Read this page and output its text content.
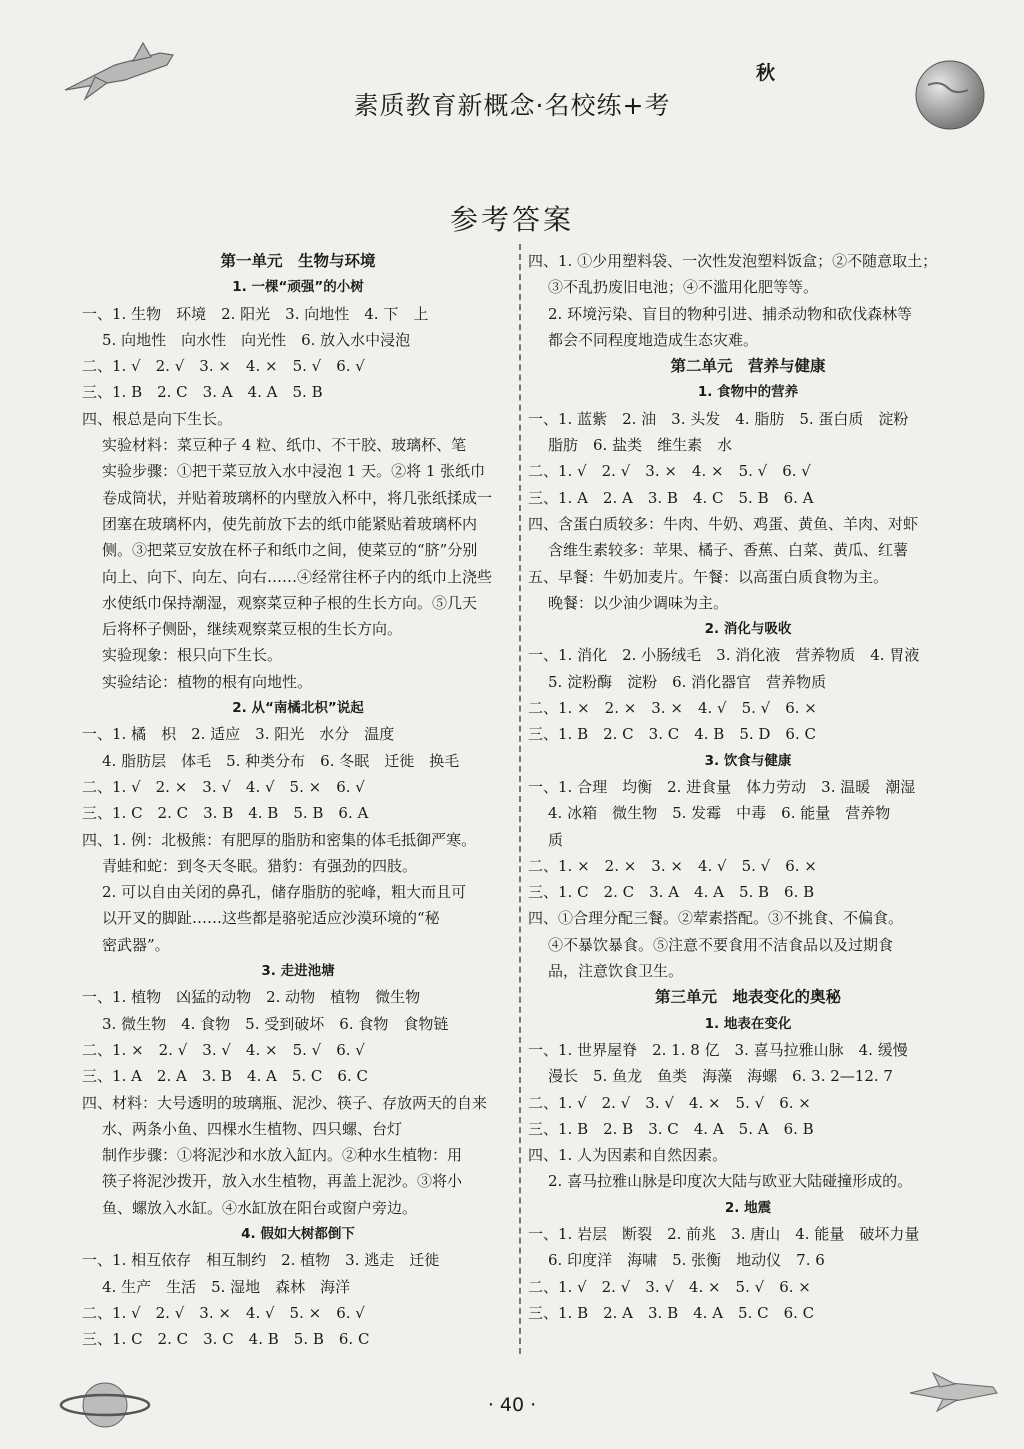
秋
素质教育新概念·名校练+考
参考答案
第一单元　生物与环境
1. 一棵“顽强”的小树
一、1. 生物　环境　2. 阳光　3. 向地性　4. 下　上
5. 向地性　向水性　向光性　6. 放入水中浸泡
二、1. √　2. √　3. ×　4. ×　5. √　6. √
三、1. B　2. C　3. A　4. A　5. B
四、根总是向下生长。
实验材料：菜豆种子 4 粒、纸巾、不干胶、玻璃杯、笔
实验步骤：①把干菜豆放入水中浸泡 1 天。②将 1 张纸巾
卷成筒状，并贴着玻璃杯的内壁放入杯中，将几张纸揉成一
团塞在玻璃杯内，使先前放下去的纸巾能紧贴着玻璃杯内
侧。③把菜豆安放在杯子和纸巾之间，使菜豆的“脐”分别
向上、向下、向左、向右……④经常往杯子内的纸巾上浇些
水使纸巾保持潮湿，观察菜豆种子根的生长方向。⑤几天
后将杯子侧卧，继续观察菜豆根的生长方向。
实验现象：根只向下生长。
实验结论：植物的根有向地性。
2. 从“南橘北枳”说起
一、1. 橘　枳　2. 适应　3. 阳光　水分　温度
4. 脂肪层　体毛　5. 种类分布　6. 冬眠　迁徙　换毛
二、1. √　2. ×　3. √　4. √　5. ×　6. √
三、1. C　2. C　3. B　4. B　5. B　6. A
四、1. 例：北极熊：有肥厚的脂肪和密集的体毛抵御严寒。
青蛙和蛇：到冬天冬眠。猎豹：有强劲的四肢。
2. 可以自由关闭的鼻孔，储存脂肪的驼峰，粗大而且可
以开叉的脚趾……这些都是骆驼适应沙漠环境的“秘
密武器”。
3. 走进池塘
一、1. 植物　凶猛的动物　2. 动物　植物　微生物
3. 微生物　4. 食物　5. 受到破坏　6. 食物　食物链
二、1. ×　2. √　3. √　4. ×　5. √　6. √
三、1. A　2. A　3. B　4. A　5. C　6. C
四、材料：大号透明的玻璃瓶、泥沙、筷子、存放两天的自来
水、两条小鱼、四棵水生植物、四只螺、台灯
制作步骤：①将泥沙和水放入缸内。②种水生植物：用
筷子将泥沙拨开，放入水生植物，再盖上泥沙。③将小
鱼、螺放入水缸。④水缸放在阳台或窗户旁边。
4. 假如大树都倒下
一、1. 相互依存　相互制约　2. 植物　3. 逃走　迁徙
4. 生产　生活　5. 湿地　森林　海洋
二、1. √　2. √　3. ×　4. √　5. ×　6. √
三、1. C　2. C　3. C　4. B　5. B　6. C
四、1. ①少用塑料袋、一次性发泡塑料饭盒；②不随意取土；
③不乱扔废旧电池；④不滥用化肥等等。
2. 环境污染、盲目的物种引进、捕杀动物和砍伐森林等
都会不同程度地造成生态灾难。
第二单元　营养与健康
1. 食物中的营养
一、1. 蓝紫　2. 油　3. 头发　4. 脂肪　5. 蛋白质　淀粉
脂肪　6. 盐类　维生素　水
二、1. √　2. √　3. ×　4. ×　5. √　6. √
三、1. A　2. A　3. B　4. C　5. B　6. A
四、含蛋白质较多：牛肉、牛奶、鸡蛋、黄鱼、羊肉、对虾
含维生素较多：苹果、橘子、香蕉、白菜、黄瓜、红薯
五、早餐：牛奶加麦片。午餐：以高蛋白质食物为主。
晚餐：以少油少调味为主。
2. 消化与吸收
一、1. 消化　2. 小肠绒毛　3. 消化液　营养物质　4. 胃液
5. 淀粉酶　淀粉　6. 消化器官　营养物质
二、1. ×　2. ×　3. ×　4. √　5. √　6. ×
三、1. B　2. C　3. C　4. B　5. D　6. C
3. 饮食与健康
一、1. 合理　均衡　2. 进食量　体力劳动　3. 温暖　潮湿
4. 冰箱　微生物　5. 发霉　中毒　6. 能量　营养物
质
二、1. ×　2. ×　3. ×　4. √　5. √　6. ×
三、1. C　2. C　3. A　4. A　5. B　6. B
四、①合理分配三餐。②荤素搭配。③不挑食、不偏食。
④不暴饮暴食。⑤注意不要食用不洁食品以及过期食
品，注意饮食卫生。
第三单元　地表变化的奥秘
1. 地表在变化
一、1. 世界屋脊　2. 1. 8 亿　3. 喜马拉雅山脉　4. 缓慢
漫长　5. 鱼龙　鱼类　海藻　海螺　6. 3. 2—12. 7
二、1. √　2. √　3. √　4. ×　5. √　6. ×
三、1. B　2. B　3. C　4. A　5. A　6. B
四、1. 人为因素和自然因素。
2. 喜马拉雅山脉是印度次大陆与欧亚大陆碰撞形成的。
2. 地震
一、1. 岩层　断裂　2. 前兆　3. 唐山　4. 能量　破坏力量
6. 印度洋　海啸　5. 张衡　地动仪　7. 6
二、1. √　2. √　3. √　4. ×　5. √　6. ×
三、1. B　2. A　3. B　4. A　5. C　6. C
· 40 ·
